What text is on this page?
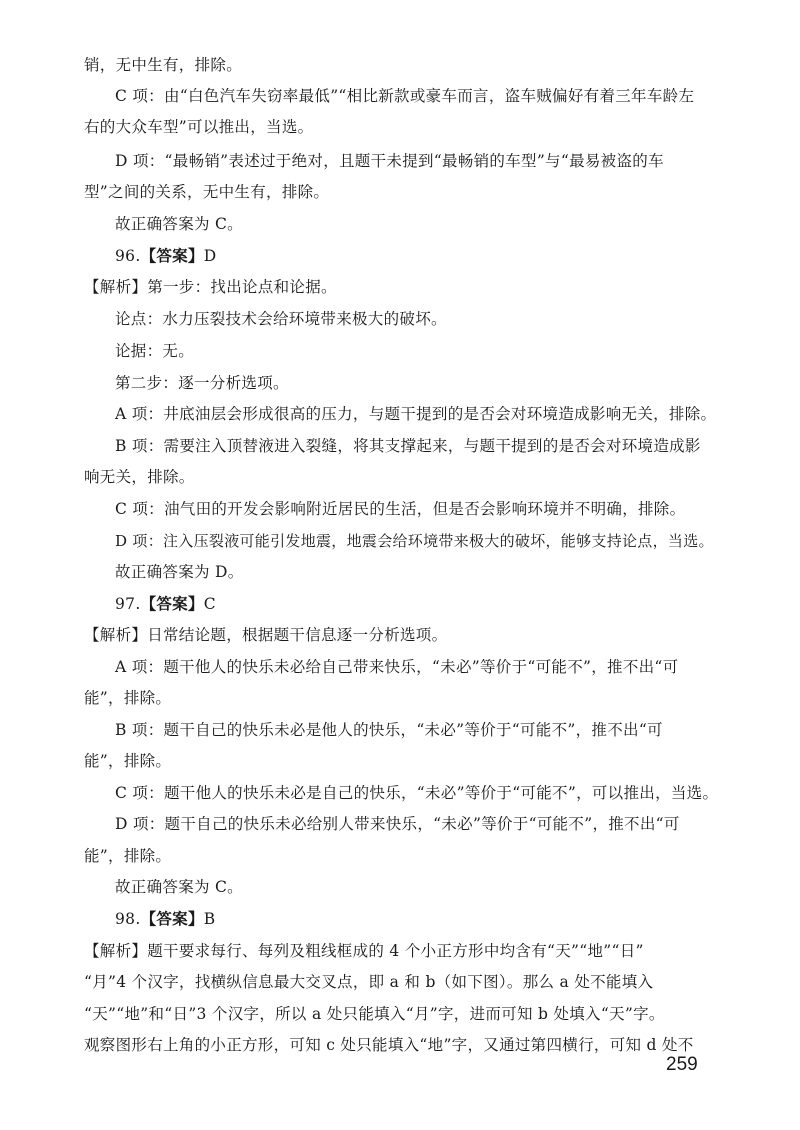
销，无中生有，排除。
C 项：由“白色汽车失窃率最低”“相比新款或豪车而言，盗车贼偏好有着三年车龄左
右的大众车型”可以推出，当选。
D 项：“最畅销”表述过于绝对，且题干未提到“最畅销的车型”与“最易被盗的车
型”之间的关系，无中生有，排除。
故正确答案为 C。
96.【答案】D
【解析】第一步：找出论点和论据。
论点：水力压裂技术会给环境带来极大的破坏。
论据：无。
第二步：逐一分析选项。
A 项：井底油层会形成很高的压力，与题干提到的是否会对环境造成影响无关，排除。
B 项：需要注入顶替液进入裂缝，将其支撑起来，与题干提到的是否会对环境造成影
响无关，排除。
C 项：油气田的开发会影响附近居民的生活，但是否会影响环境并不明确，排除。
D 项：注入压裂液可能引发地震，地震会给环境带来极大的破坏，能够支持论点，当选。
故正确答案为 D。
97.【答案】C
【解析】日常结论题，根据题干信息逐一分析选项。
A 项：题干他人的快乐未必给自己带来快乐，“未必”等价于“可能不”，推不出“可
能”，排除。
B 项：题干自己的快乐未必是他人的快乐，“未必”等价于“可能不”，推不出“可
能”，排除。
C 项：题干他人的快乐未必是自己的快乐，“未必”等价于“可能不”，可以推出，当选。
D 项：题干自己的快乐未必给别人带来快乐，“未必”等价于“可能不”，推不出“可
能”，排除。
故正确答案为 C。
98.【答案】B
【解析】题干要求每行、每列及粗线框成的 4 个小正方形中均含有“天”“地”“日”
“月”4 个汉字，找横纵信息最大交叉点，即 a 和 b（如下图）。那么 a 处不能填入
“天”“地”和“日”3 个汉字，所以 a 处只能填入“月”字，进而可知 b 处填入“天”字。
观察图形右上角的小正方形，可知 c 处只能填入“地”字，又通过第四横行，可知 d 处不
259
